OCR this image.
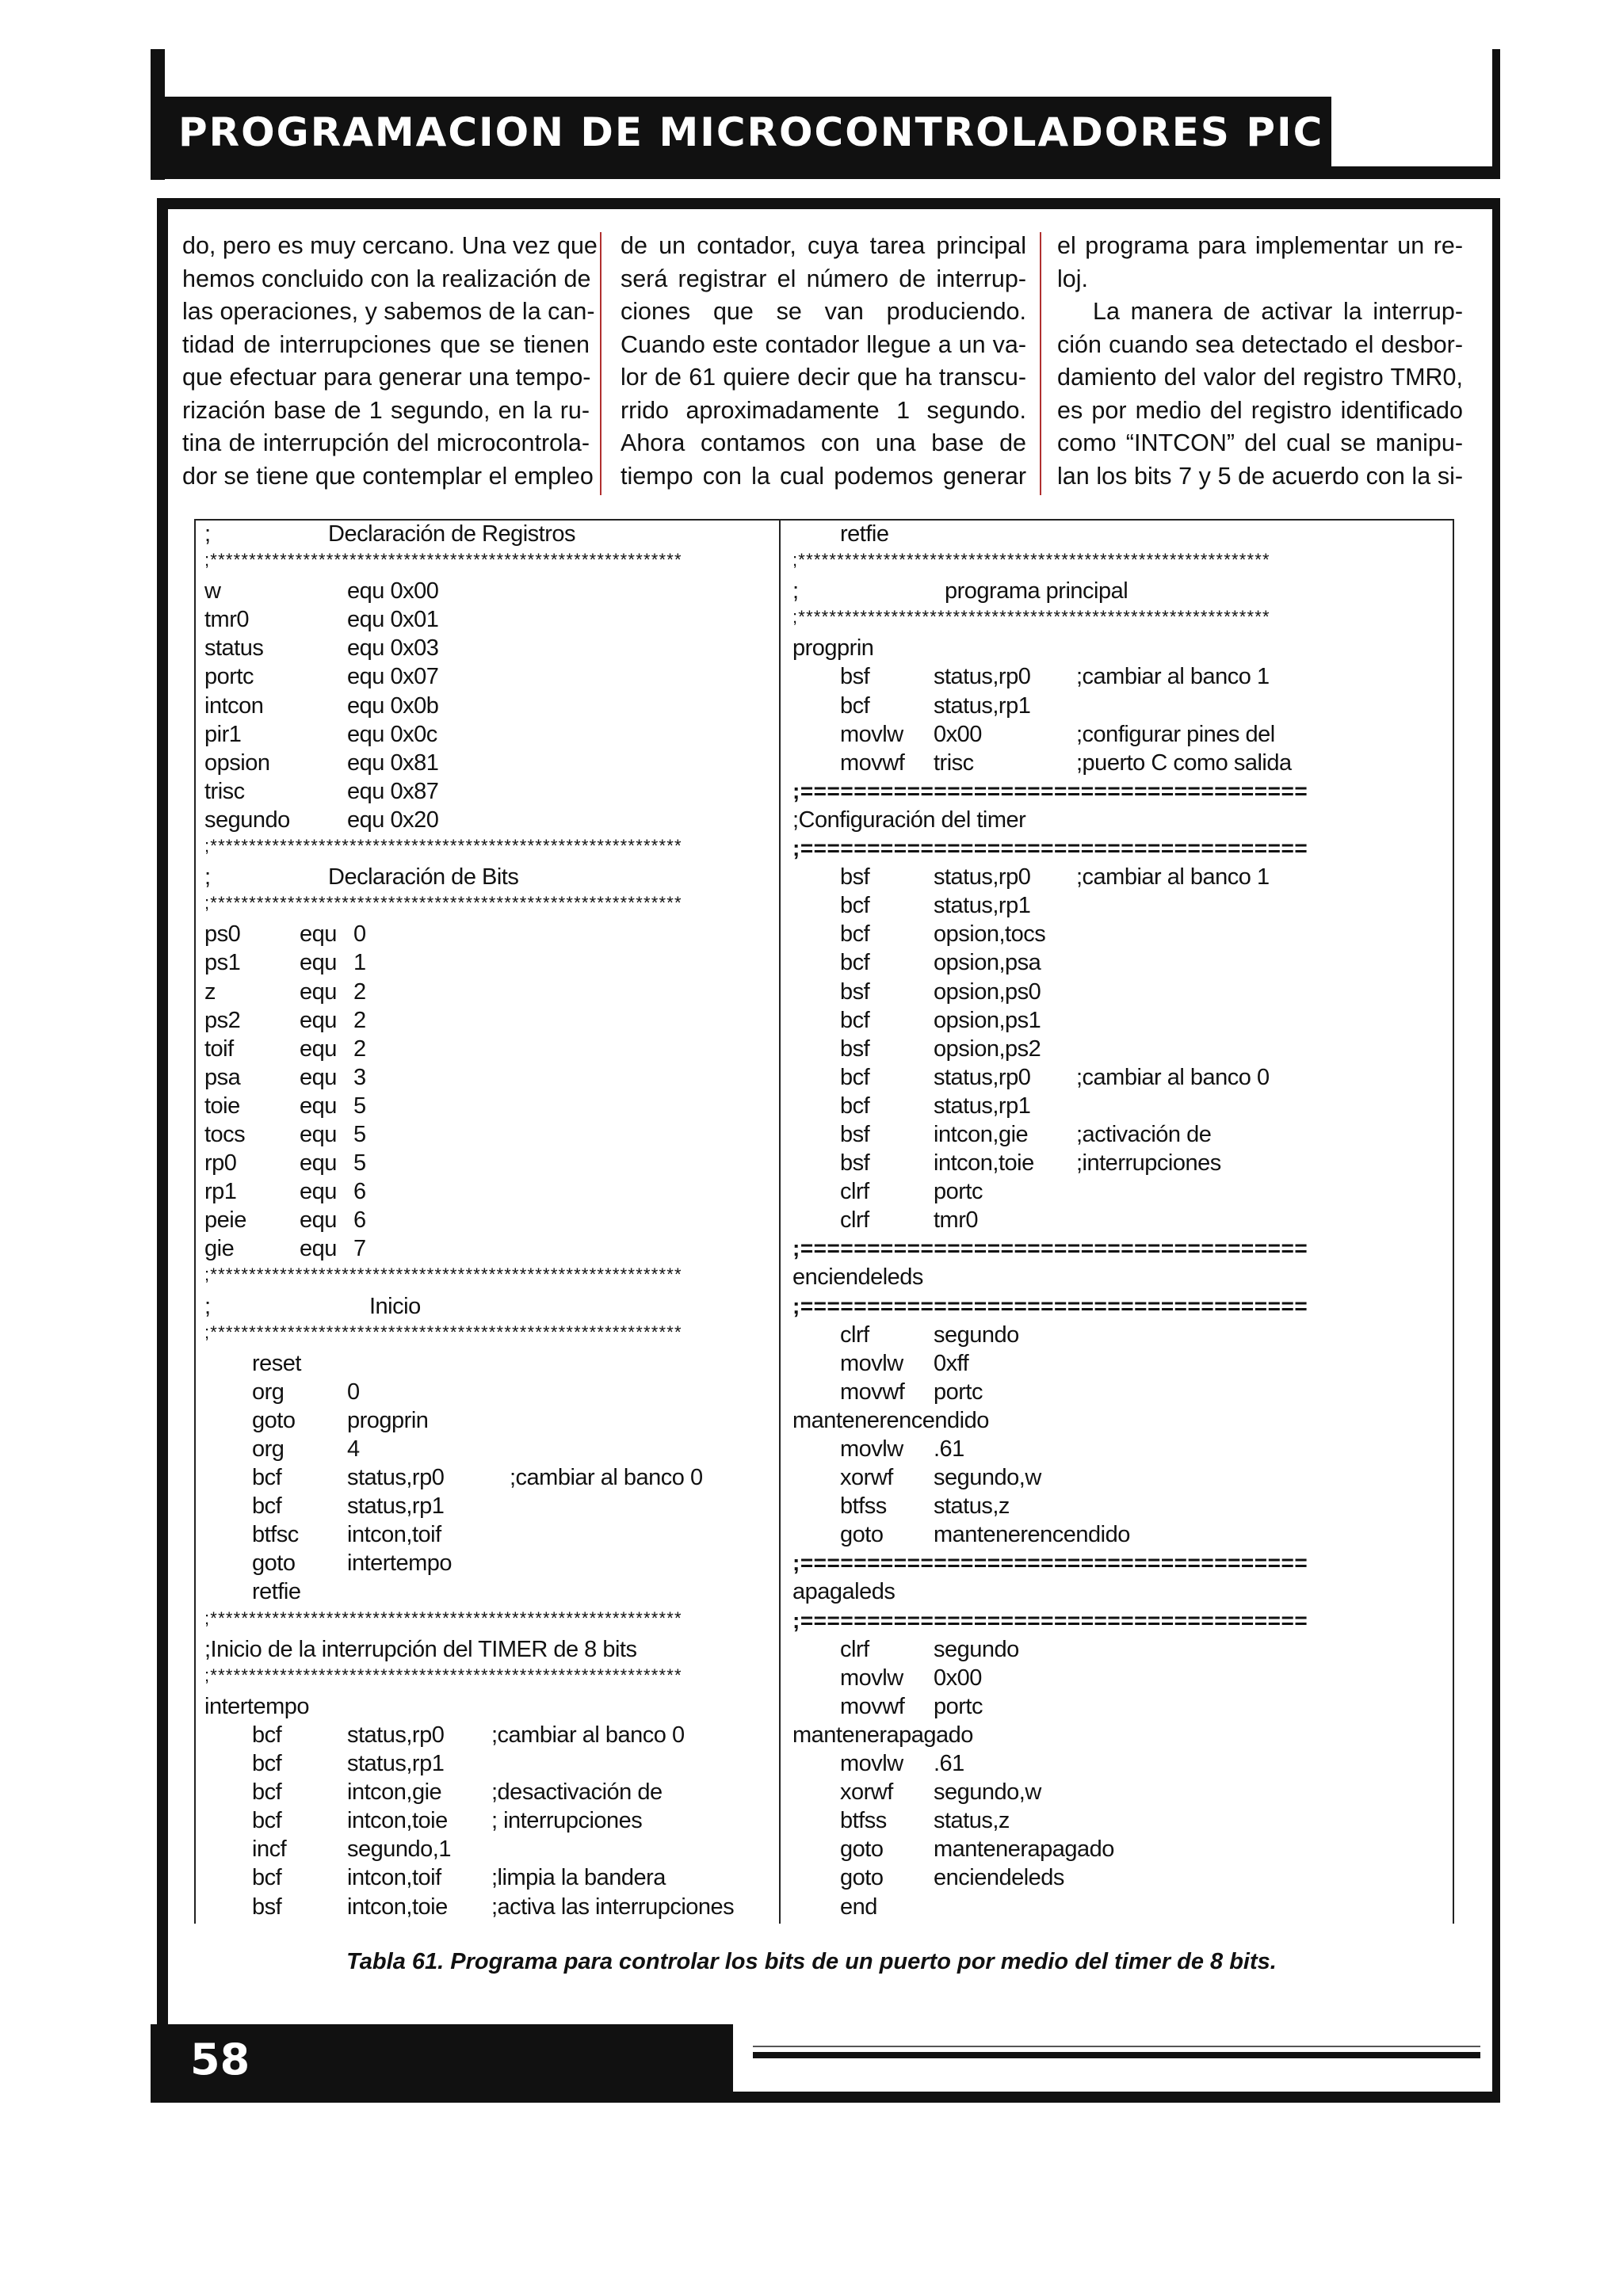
PROGRAMACION DE MICROCONTROLADORES PIC
do, pero es muy cercano. Una vez que
hemos concluido con la realización de
las operaciones, y sabemos de la can-
tidad de interrupciones que se tienen
que efectuar para generar una tempo-
rización base de 1 segundo, en la ru-
tina de interrupción del microcontrola-
dor se tiene que contemplar el empleo
de un contador, cuya tarea principal
será registrar el número de interrup-
ciones que se van produciendo.
Cuando este contador llegue a un va-
lor de 61 quiere decir que ha transcu-
rrido aproximadamente 1 segundo.
Ahora contamos con una base de
tiempo con la cual podemos generar
el programa para implementar un re-
loj.
La manera de activar la interrup-
ción cuando sea detectado el desbor-
damiento del valor del registro TMR0,
es por medio del registro identificado
como “INTCON” del cual se manipu-
lan los bits 7 y 5 de acuerdo con la si-
;	Declaración de Registros
;*************************************************************
w	equ 0x00
tmr0	equ 0x01
status	equ 0x03
portc	equ 0x07
intcon	equ 0x0b
pir1	equ 0x0c
opsion	equ 0x81
trisc	equ 0x87
segundo equ 0x20
;*************************************************************
;	Declaración de Bits
;*************************************************************
ps0	equ 0
ps1	equ 1
z	equ 2
ps2	equ 2
toif	equ 2
psa	equ 3
toie	equ 5
tocs equ 5
rp0	equ 5
rp1	equ 6
peie equ 6
gie	equ 7
;*************************************************************
;	Inicio
;*************************************************************
reset
org	0
goto progprin
org	4
bcf	status,rp0	;cambiar al banco 0
bcf	status,rp1
btfsc intcon,toif
goto intertempo
retfie
;*************************************************************
;Inicio de la interrupción del TIMER de 8 bits
;*************************************************************
intertempo
bcf	status,rp0 ;cambiar al banco 0
bcf	status,rp1
bcf	intcon,gie ;desactivación de
bcf	intcon,toie ; interrupciones
incf	segundo,1
bcf	intcon,toif ;limpia la bandera
bsf	intcon,toie ;activa las interrupciones
retfie
;*************************************************************
;	programa principal
;*************************************************************
progprin
bsf	status,rp0 ;cambiar al banco 1
bcf	status,rp1
movlw 0x00	;configurar pines del
movwf trisc	;puerto C como salida
;======================================
;Configuración del timer
;======================================
bsf	status,rp0 ;cambiar al banco 1
bcf	status,rp1
bcf	opsion,tocs
bcf	opsion,psa
bsf	opsion,ps0
bcf	opsion,ps1
bsf	opsion,ps2
bcf	status,rp0 ;cambiar al banco 0
bcf	status,rp1
bsf	intcon,gie ;activación de
bsf	intcon,toie ;interrupciones
clrf	portc
clrf	tmr0
;======================================
enciendeleds
;======================================
clrf	segundo
movlw 0xff
movwf portc
mantenerencendido
movlw .61
xorwf segundo,w
btfss status,z
goto mantenerencendido
;======================================
apagaleds
;======================================
clrf	segundo
movlw 0x00
movwf portc
mantenerapagado
movlw .61
xorwf segundo,w
btfss status,z
goto mantenerapagado
goto enciendeleds
end
Tabla 61. Programa para controlar los bits de un puerto por medio del timer de 8 bits.
58
